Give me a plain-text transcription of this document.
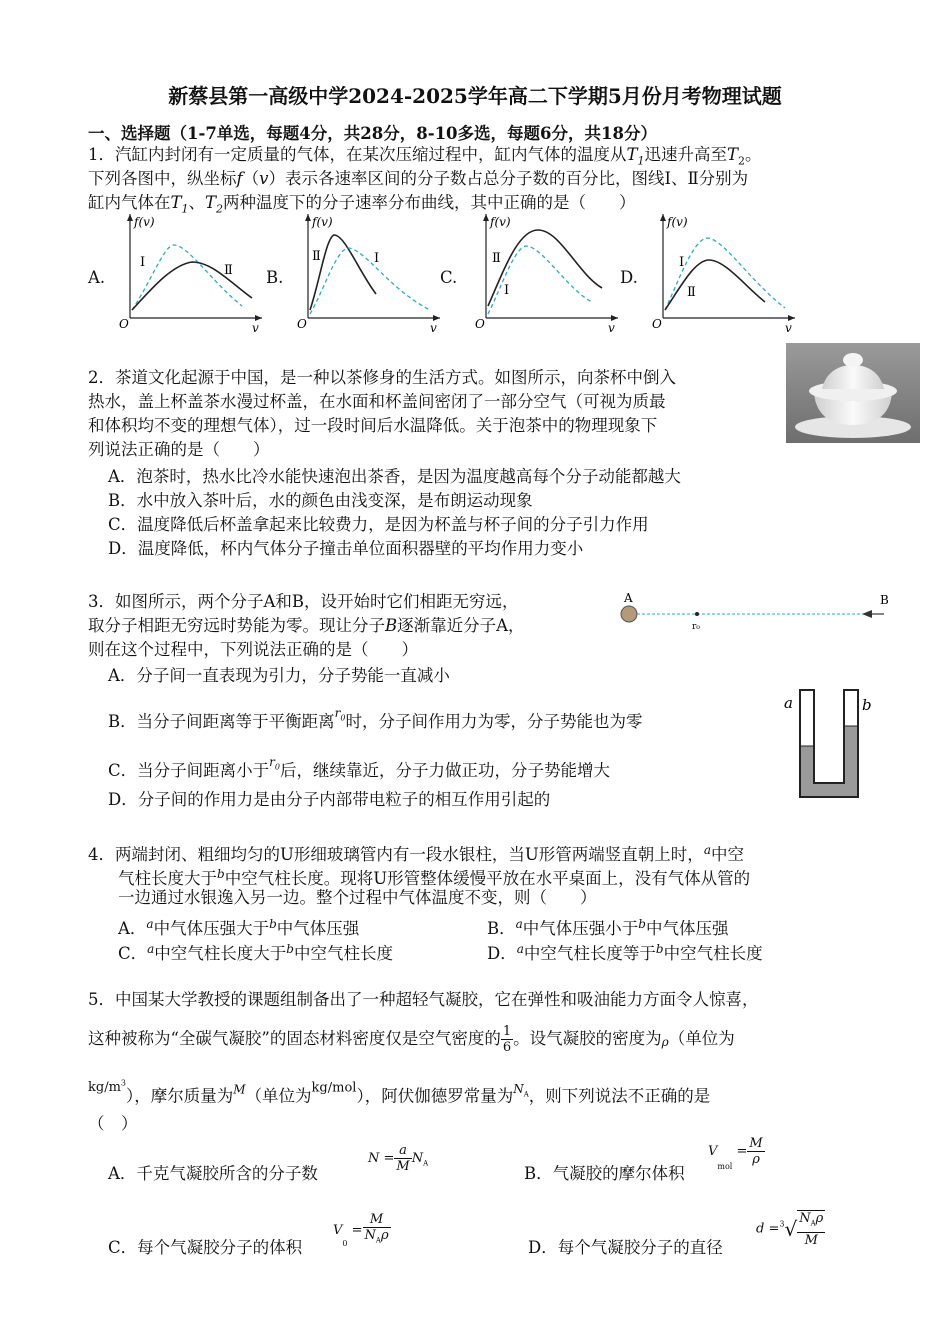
新蔡县第一高级中学2024-2025学年高二下学期5月份月考物理试题
一、选择题（1-7单选，每题4分，共28分，8-10多选，每题6分，共18分）
1．汽缸内封闭有一定质量的气体，在某次压缩过程中，缸内气体的温度从$T_1$迅速升高至$T_2$。
下列各图中，纵坐标f（v）表示各速率区间的分子数占总分子数的百分比，图线Ⅰ、Ⅱ分别为
缸内气体在$T_1$、$T_2$两种温度下的分子速率分布曲线，其中正确的是（　　）
A.	B.	C.	D.
f(v)
O	v
I
Ⅱ
f(v)
O	v
Ⅱ	I
f(v)
O	v
Ⅱ
I
f(v)
O	v
I
Ⅱ
2．茶道文化起源于中国，是一种以茶修身的生活方式。如图所示，向茶杯中倒入
热水，盖上杯盖茶水漫过杯盖，在水面和杯盖间密闭了一部分空气（可视为质最
和体积均不变的理想气体），过一段时间后水温降低。关于泡茶中的物理现象下
列说法正确的是（　　）
A．泡茶时，热水比冷水能快速泡出茶香，是因为温度越高每个分子动能都越大
B．水中放入茶叶后，水的颜色由浅变深，是布朗运动现象
C．温度降低后杯盖拿起来比较费力，是因为杯盖与杯子间的分子引力作用
D．温度降低，杯内气体分子撞击单位面积器壁的平均作用力变小
3．如图所示，两个分子A和B，设开始时它们相距无穷远，
取分子相距无穷远时势能为零。现让分子B逐渐靠近分子A，
则在这个过程中，下列说法正确的是（　　）
A．分子间一直表现为引力，分子势能一直减小
B．当分子间距离等于平衡距离$^{r_0}$时，分子间作用力为零，分子势能也为零
C．当分子间距离小于$^{r_0}$后，继续靠近，分子力做正功，分子势能增大
D．分子间的作用力是由分子内部带电粒子的相互作用引起的
A	B
r₀
a	b
4．两端封闭、粗细均匀的U形细玻璃管内有一段水银柱，当U形管两端竖直朝上时，$^a$中空
气柱长度大于$^b$中空气柱长度。现将U形管整体缓慢平放在水平桌面上，没有气体从管的
一边通过水银逸入另一边。整个过程中气体温度不变，则（　　）
A．$^a$中气体压强大于$^b$中气体压强	B．$^a$中气体压强小于$^b$中气体压强
C．$^a$中空气柱长度大于$^b$中空气柱长度	D．$^a$中空气柱长度等于$^b$中空气柱长度
5．中国某大学教授的课题组制备出了一种超轻气凝胶，它在弹性和吸油能力方面令人惊喜，
这种被称为“全碳气凝胶”的固态材料密度仅是空气密度的 $\frac{1}{6}$ 。设气凝胶的密度为ρ（单位为
$^{kg/m^3}$），摩尔质量为$^M$（单位为$^{kg/mol}$），阿伏伽德罗常量为$^{N_A}$，则下列说法不正确的是
（　）
A．千克气凝胶所含的分子数
$N = \frac{a}{M} N_A$
B．气凝胶的摩尔体积
$V_{mol} = \frac{M}{\rho}$
C．每个气凝胶分子的体积
$V_0 = \frac{M}{N_A\rho}$	D．每个气凝胶分子的直径
$d =^3√ \frac{N_A\rho}{M}$
